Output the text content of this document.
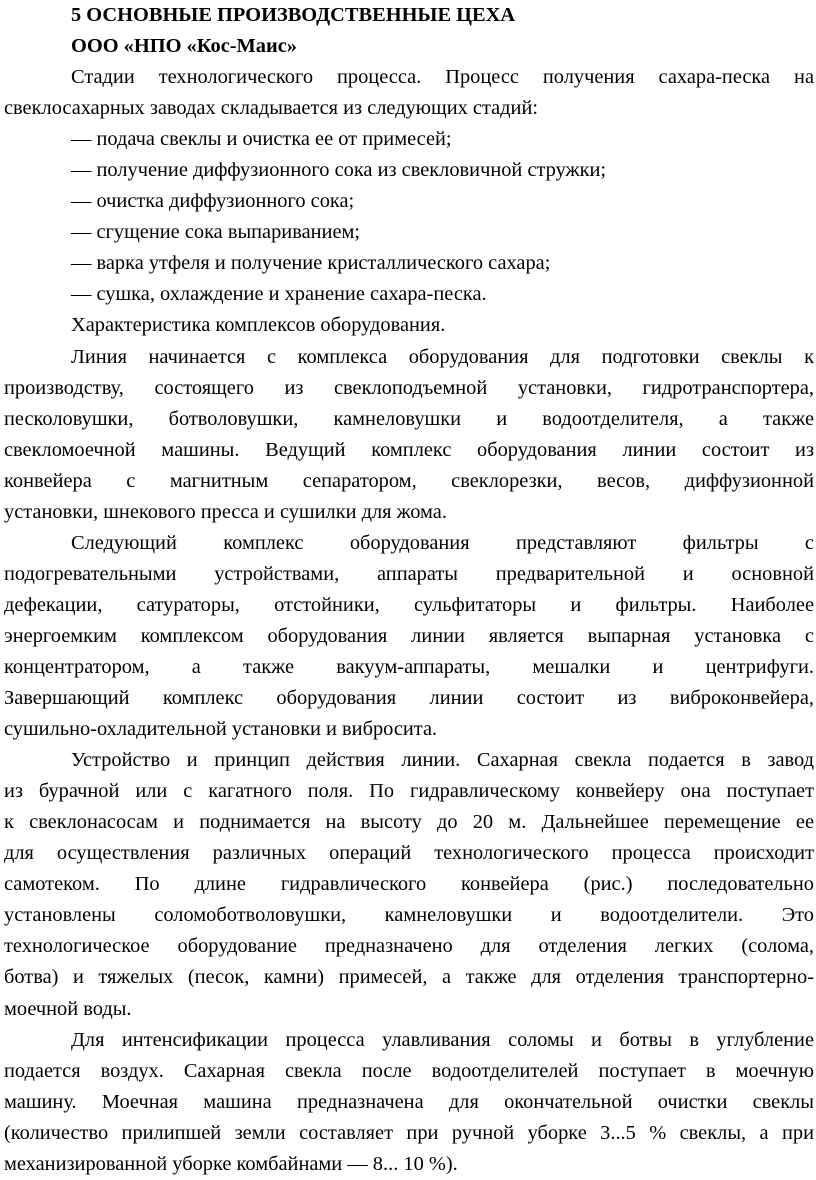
5 ОСНОВНЫЕ ПРОИЗВОДСТВЕННЫЕ ЦЕХА
ООО «НПО «Кос-Маис»
Стадии технологического процесса. Процесс получения сахара-песка на
свеклосахарных заводах складывается из следующих стадий:
— подача свеклы и очистка ее от примесей;
— получение диффузионного сока из свекловичной стружки;
— очистка диффузионного сока;
— сгущение сока выпариванием;
— варка утфеля и получение кристаллического сахара;
— сушка, охлаждение и хранение сахара-песка.
Характеристика комплексов оборудования.
Линия начинается с комплекса оборудования для подготовки свеклы к
производству, состоящего из свеклоподъемной установки, гидротранспортера,
песколовушки, ботволовушки, камнеловушки и водоотделителя, а также
свекломоечной машины. Ведущий комплекс оборудования линии состоит из
конвейера с магнитным сепаратором, свеклорезки, весов, диффузионной
установки, шнекового пресса и сушилки для жома.
Следующий комплекс оборудования представляют фильтры с
подогревательными устройствами, аппараты предварительной и основной
дефекации, сатураторы, отстойники, сульфитаторы и фильтры. Наиболее
энергоемким комплексом оборудования линии является выпарная установка с
концентратором, а также вакуум-аппараты, мешалки и центрифуги.
Завершающий комплекс оборудования линии состоит из виброконвейера,
сушильно-охладительной установки и вибросита.
Устройство и принцип действия линии. Сахарная свекла подается в завод
из бурачной или с кагатного поля. По гидравлическому конвейеру она поступает
к свеклонасосам и поднимается на высоту до 20 м. Дальнейшее перемещение ее
для осуществления различных операций технологического процесса происходит
самотеком. По длине гидравлического конвейера (рис.) последовательно
установлены соломоботволовушки, камнеловушки и водоотделители. Это
технологическое оборудование предназначено для отделения легких (солома,
ботва) и тяжелых (песок, камни) примесей, а также для отделения транспортерно-
моечной воды.
Для интенсификации процесса улавливания соломы и ботвы в углубление
подается воздух. Сахарная свекла после водоотделителей поступает в моечную
машину. Моечная машина предназначена для окончательной очистки свеклы
(количество прилипшей земли составляет при ручной уборке 3...5 % свеклы, а при
механизированной уборке комбайнами — 8... 10 %).
